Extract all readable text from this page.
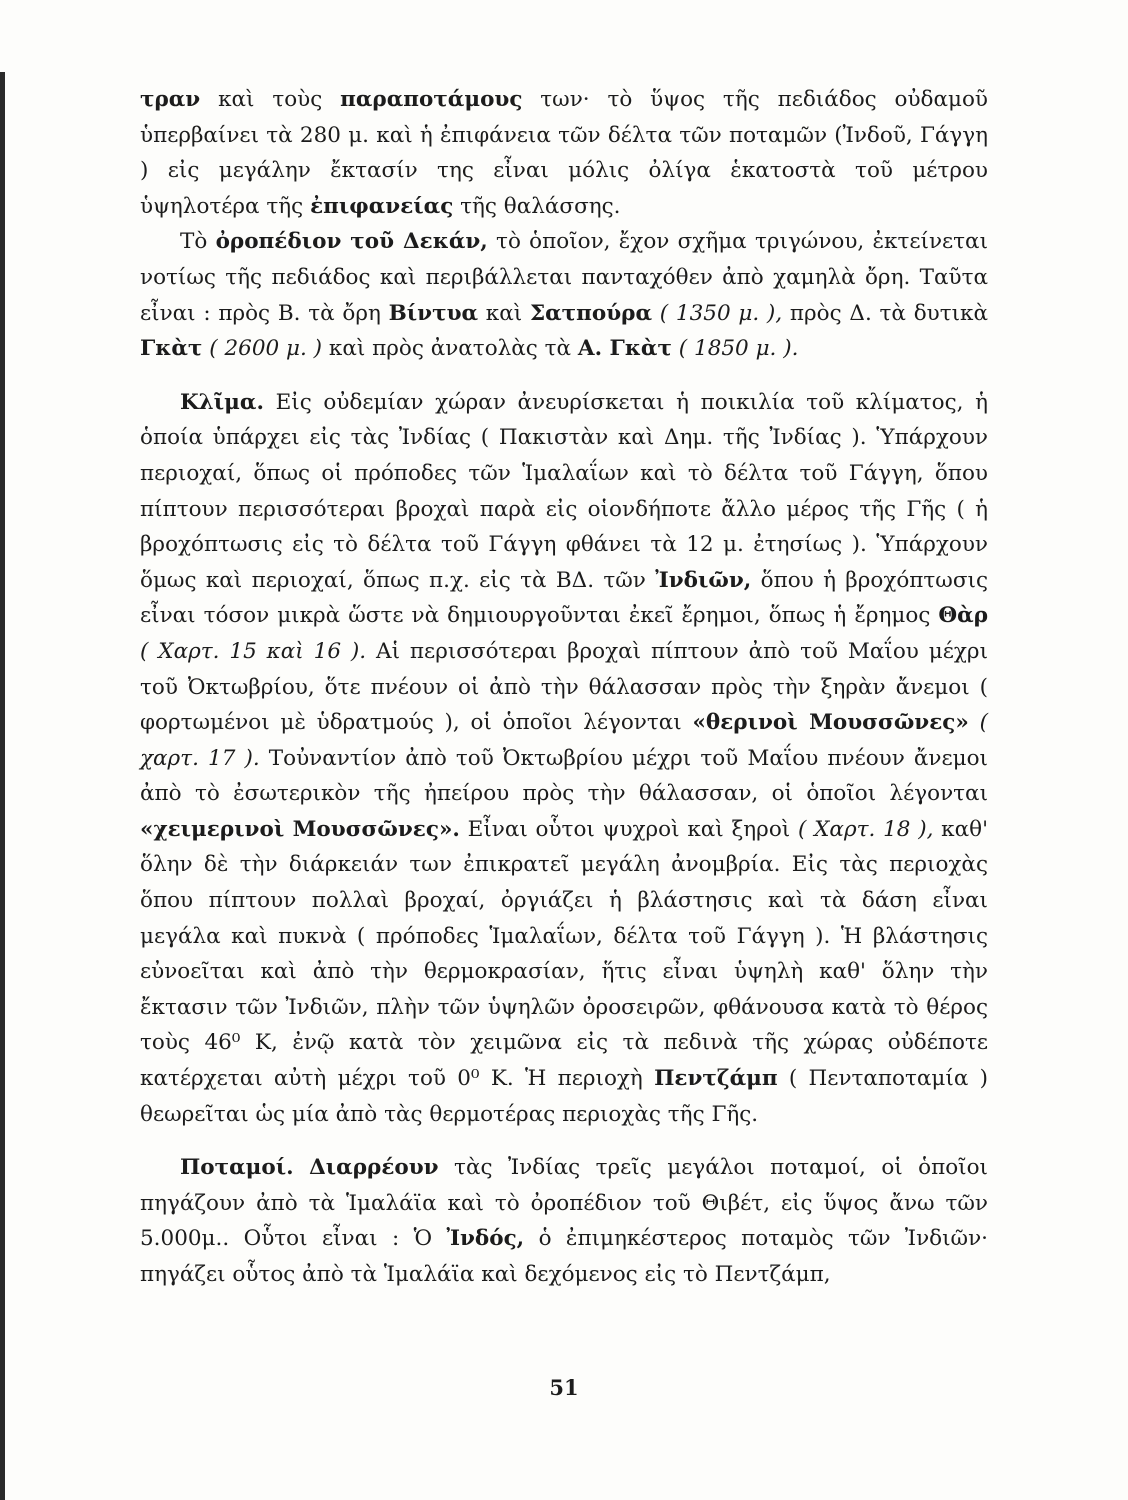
τραν καὶ τοὺς παραποτάμους των· τὸ ὕψος τῆς πεδιάδος οὐδαμοῦ ὑπερβαίνει τὰ 280 μ. καὶ ἡ ἐπιφάνεια τῶν δέλτα τῶν ποταμῶν (Ἰνδοῦ, Γάγγη ) εἰς μεγάλην ἔκτασίν της εἶναι μόλις ὀλίγα ἑκατοστὰ τοῦ μέτρου ὑψηλοτέρα τῆς ἐπιφανείας τῆς θαλάσσης.

Τὸ ὀροπέδιον τοῦ Δεκάν, τὸ ὁποῖον, ἔχον σχῆμα τριγώνου, ἐκτείνεται νοτίως τῆς πεδιάδος καὶ περιβάλλεται πανταχόθεν ἀπὸ χαμηλὰ ὄρη. Ταῦτα εἶναι : πρὸς Β. τὰ ὄρη Βίντυα καὶ Σατπούρα ( 1350 μ. ), πρὸς Δ. τὰ δυτικὰ Γκὰτ ( 2600 μ. ) καὶ πρὸς ἀνατολὰς τὰ Α. Γκὰτ ( 1850 μ. ).

Κλῖμα. Εἰς οὐδεμίαν χώραν ἀνευρίσκεται ἡ ποικιλία τοῦ κλίματος, ἡ ὁποία ὑπάρχει εἰς τὰς Ἰνδίας ( Πακιστὰν καὶ Δημ. τῆς Ἰνδίας ). Ὑπάρχουν περιοχαί, ὅπως οἱ πρόποδες τῶν Ἱμαλαΐων καὶ τὸ δέλτα τοῦ Γάγγη, ὅπου πίπτουν περισσότεραι βροχαὶ παρὰ εἰς οἱονδήποτε ἄλλο μέρος τῆς Γῆς ( ἡ βροχόπτωσις εἰς τὸ δέλτα τοῦ Γάγγη φθάνει τὰ 12 μ. ἐτησίως ). Ὑπάρχουν ὅμως καὶ περιοχαί, ὅπως π.χ. εἰς τὰ ΒΔ. τῶν Ἰνδιῶν, ὅπου ἡ βροχόπτωσις εἶναι τόσον μικρὰ ὥστε νὰ δημιουργοῦνται ἐκεῖ ἔρημοι, ὅπως ἡ ἔρημος Θὰρ ( Χαρτ. 15 καὶ 16 ). Αἱ περισσότεραι βροχαὶ πίπτουν ἀπὸ τοῦ Μαΐου μέχρι τοῦ Ὀκτωβρίου, ὅτε πνέουν οἱ ἀπὸ τὴν θάλασσαν πρὸς τὴν ξηρὰν ἄνεμοι ( φορτωμένοι μὲ ὑδρατμούς ), οἱ ὁποῖοι λέγονται «θερινοὶ Μουσσῶνες» ( χαρτ. 17 ). Τοὐναντίον ἀπὸ τοῦ Ὀκτωβρίου μέχρι τοῦ Μαΐου πνέουν ἄνεμοι ἀπὸ τὸ ἐσωτερικὸν τῆς ἠπείρου πρὸς τὴν θάλασσαν, οἱ ὁποῖοι λέγονται «χειμερινοὶ Μουσσῶνες». Εἶναι οὗτοι ψυχροὶ καὶ ξηροὶ ( Χαρτ. 18 ), καθ' ὅλην δὲ τὴν διάρκειάν των ἐπικρατεῖ μεγάλη ἀνομβρία. Εἰς τὰς περιοχὰς ὅπου πίπτουν πολλαὶ βροχαί, ὀργιάζει ἡ βλάστησις καὶ τὰ δάση εἶναι μεγάλα καὶ πυκνὰ ( πρόποδες Ἱμαλαΐων, δέλτα τοῦ Γάγγη ). Ἡ βλάστησις εὐνοεῖται καὶ ἀπὸ τὴν θερμοκρασίαν, ἥτις εἶναι ὑψηλὴ καθ' ὅλην τὴν ἔκτασιν τῶν Ἰνδιῶν, πλὴν τῶν ὑψηλῶν ὀροσειρῶν, φθάνουσα κατὰ τὸ θέρος τοὺς 46⁰ Κ, ἐνῷ κατὰ τὸν χειμῶνα εἰς τὰ πεδινὰ τῆς χώρας οὐδέποτε κατέρχεται αὐτὴ μέχρι τοῦ 0⁰ Κ. Ἡ περιοχὴ Πεντζάμπ ( Πενταποταμία ) θεωρεῖται ὡς μία ἀπὸ τὰς θερμοτέρας περιοχὰς τῆς Γῆς.

Ποταμοί. Διαρρέουν τὰς Ἰνδίας τρεῖς μεγάλοι ποταμοί, οἱ ὁποῖοι πηγάζουν ἀπὸ τὰ Ἱμαλάϊα καὶ τὸ ὀροπέδιον τοῦ Θιβέτ, εἰς ὕψος ἄνω τῶν 5.000μ.. Οὗτοι εἶναι : Ὁ Ἰνδός, ὁ ἐπιμηκέστερος ποταμὸς τῶν Ἰνδιῶν· πηγάζει οὗτος ἀπὸ τὰ Ἱμαλάϊα καὶ δεχόμενος εἰς τὸ Πεντζάμπ,

51
